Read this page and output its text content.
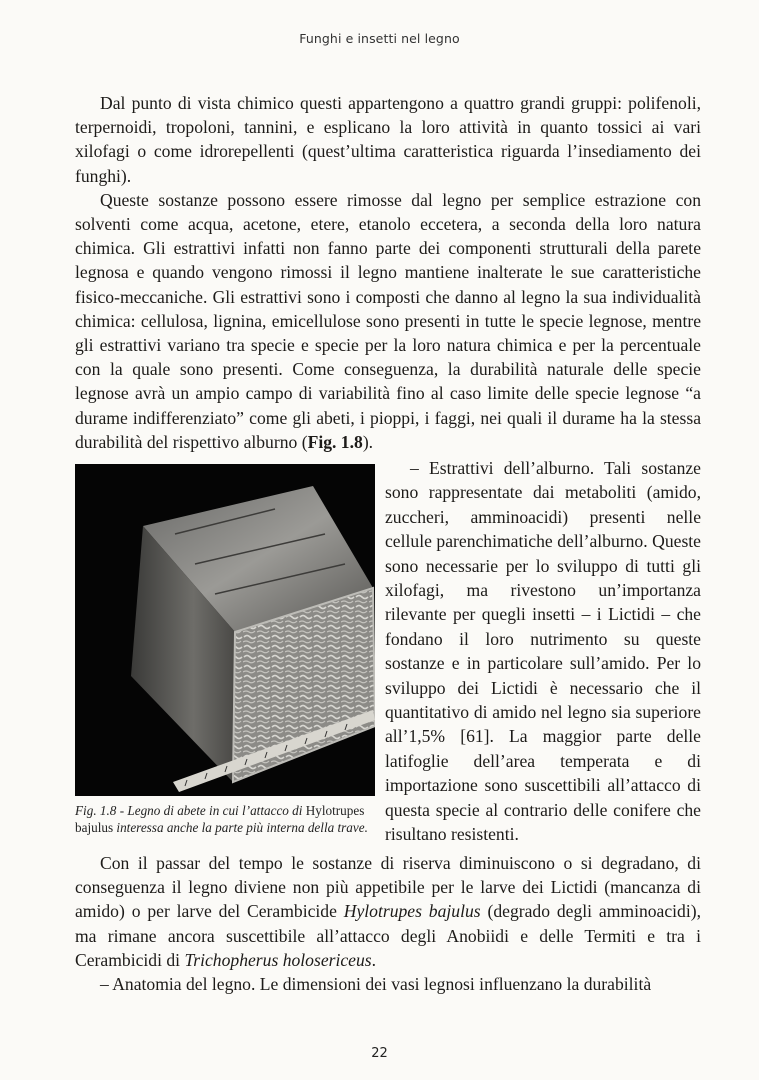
Funghi e insetti nel legno

Dal punto di vista chimico questi appartengono a quattro grandi gruppi: polifenoli, terpernoidi, tropoloni, tannini, e esplicano la loro attività in quanto tossici ai vari xilofagi o come idrorepellenti (quest’ultima caratteristica riguarda l’insediamento dei funghi).

Queste sostanze possono essere rimosse dal legno per semplice estrazione con solventi come acqua, acetone, etere, etanolo eccetera, a seconda della loro natura chimica. Gli estrattivi infatti non fanno parte dei componenti strutturali della parete legnosa e quando vengono rimossi il legno mantiene inalterate le sue caratteristiche fisico-meccaniche. Gli estrattivi sono i composti che danno al legno la sua individualità chimica: cellulosa, lignina, emicellulose sono presenti in tutte le specie legnose, mentre gli estrattivi variano tra specie e specie per la loro natura chimica e per la percentuale con la quale sono presenti. Come conseguenza, la durabilità naturale delle specie legnose avrà un ampio campo di variabilità fino al caso limite delle specie legnose “a durame indifferenziato” come gli abeti, i pioppi, i faggi, nei quali il durame ha la stessa durabilità del rispettivo alburno (Fig. 1.8).

Fig. 1.8 - Legno di abete in cui l’attacco di Hylotrupes bajulus interessa anche la parte più interna della trave.

– Estrattivi dell’alburno. Tali sostanze sono rappresentate dai metaboliti (amido, zuccheri, amminoacidi) presenti nelle cellule parenchimatiche dell’alburno. Queste sono necessarie per lo sviluppo di tutti gli xilofagi, ma rivestono un’importanza rilevante per quegli insetti – i Lictidi – che fondano il loro nutrimento su queste sostanze e in particolare sull’amido. Per lo sviluppo dei Lictidi è necessario che il quantitativo di amido nel legno sia superiore all’1,5% [61]. La maggior parte delle latifoglie dell’area temperata e di importazione sono suscettibili all’attacco di questa specie al contrario delle conifere che risultano resistenti.

Con il passar del tempo le sostanze di riserva diminuiscono o si degradano, di conseguenza il legno diviene non più appetibile per le larve dei Lictidi (mancanza di amido) o per larve del Cerambicide Hylotrupes bajulus (degrado degli amminoacidi), ma rimane ancora suscettibile all’attacco degli Anobiidi e delle Termiti e tra i Cerambicidi di Trichopherus holosericeus.

– Anatomia del legno. Le dimensioni dei vasi legnosi influenzano la durabilità

22
